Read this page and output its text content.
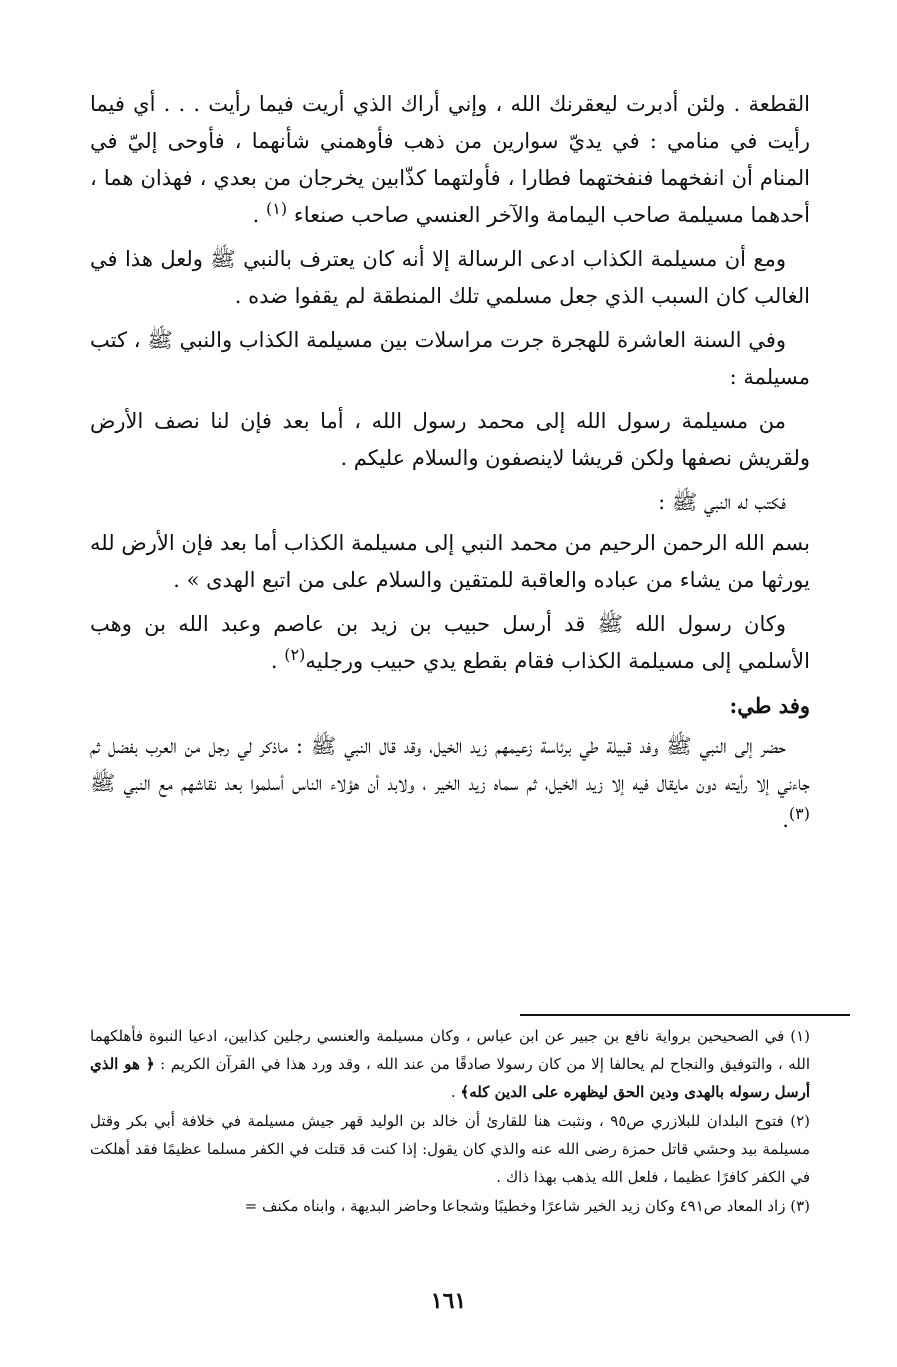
القطعة . ولئن أدبرت ليعقرنك الله ، وإني أراك الذي أريت فيما رأيت . . . أي فيما رأيت في منامي : في يديّ سوارين من ذهب فأوهمني شأنهما ، فأوحى إليّ في المنام أن انفخهما فنفختهما فطارا ، فأولتهما كذّابين يخرجان من بعدي ، فهذان هما ، أحدهما مسيلمة صاحب اليمامة والآخر العنسي صاحب صنعاء $^{(١)}$ .

ومع أن مسيلمة الكذاب ادعى الرسالة إلا أنه كان يعترف بالنبي ﷺ ولعل هذا في الغالب كان السبب الذي جعل مسلمي تلك المنطقة لم يقفوا ضده .

وفي السنة العاشرة للهجرة جرت مراسلات بين مسيلمة الكذاب والنبي ﷺ ، كتب مسيلمة :

من مسيلمة رسول الله إلى محمد رسول الله ، أما بعد فإن لنا نصف الأرض ولقريش نصفها ولكن قريشا لاينصفون والسلام عليكم .

فكتب له النبي ﷺ :

بسم الله الرحمن الرحيم من محمد النبي إلى مسيلمة الكذاب أما بعد فإن الأرض لله يورثها من يشاء من عباده والعاقبة للمتقين والسلام على من اتبع الهدى » .

وكان رسول الله ﷺ قد أرسل حبيب بن زيد بن عاصم وعبد الله بن وهب الأسلمي إلى مسيلمة الكذاب فقام بقطع يدي حبيب ورجليه$^{(٢)}$ .

وفد طي:

حضر إلى النبي ﷺ وفد قبيلة طي برئاسة زعيمهم زيد الخيل، وقد قال النبي ﷺ : ماذكر لي رجل من العرب بفضل ثم جاءني إلا رأيته دون مايقال فيه إلا زيد الخيل، ثم سماه زيد الخير ، ولابد أن هؤلاء الناس أسلموا بعد نقاشهم مع النبي ﷺ $^{(٣)}$.

(١) في الصحيحين برواية نافع بن جبير عن ابن عباس ، وكان مسيلمة والعنسي رجلين كذابين، ادعيا النبوة فأهلكهما الله ، والتوفيق والنجاح لم يحالفا إلا من كان رسولا صادقًا من عند الله ، وقد ورد هذا في القرآن الكريم : ﴿ هو الذي أرسل رسوله بالهدى ودين الحق ليظهره على الدين كله﴾ .

(٢) فتوح البلدان للبلازري ص٩٥ ، ونثبت هنا للقارئ أن خالد بن الوليد قهر جيش مسيلمة في خلافة أبي بكر وقتل مسيلمة بيد وحشي قاتل حمزة رضى الله عنه والذي كان يقول: إذا كنت قد قتلت في الكفر مسلما عظيمًا فقد أهلكت في الكفر كافرًا عظيما ، فلعل الله يذهب بهذا ذاك .

(٣) زاد المعاد ص٤٩١ وكان زيد الخير شاعرًا وخطيبًا وشجاعا وحاضر البديهة ، وابناه مكنف =

١٦١
